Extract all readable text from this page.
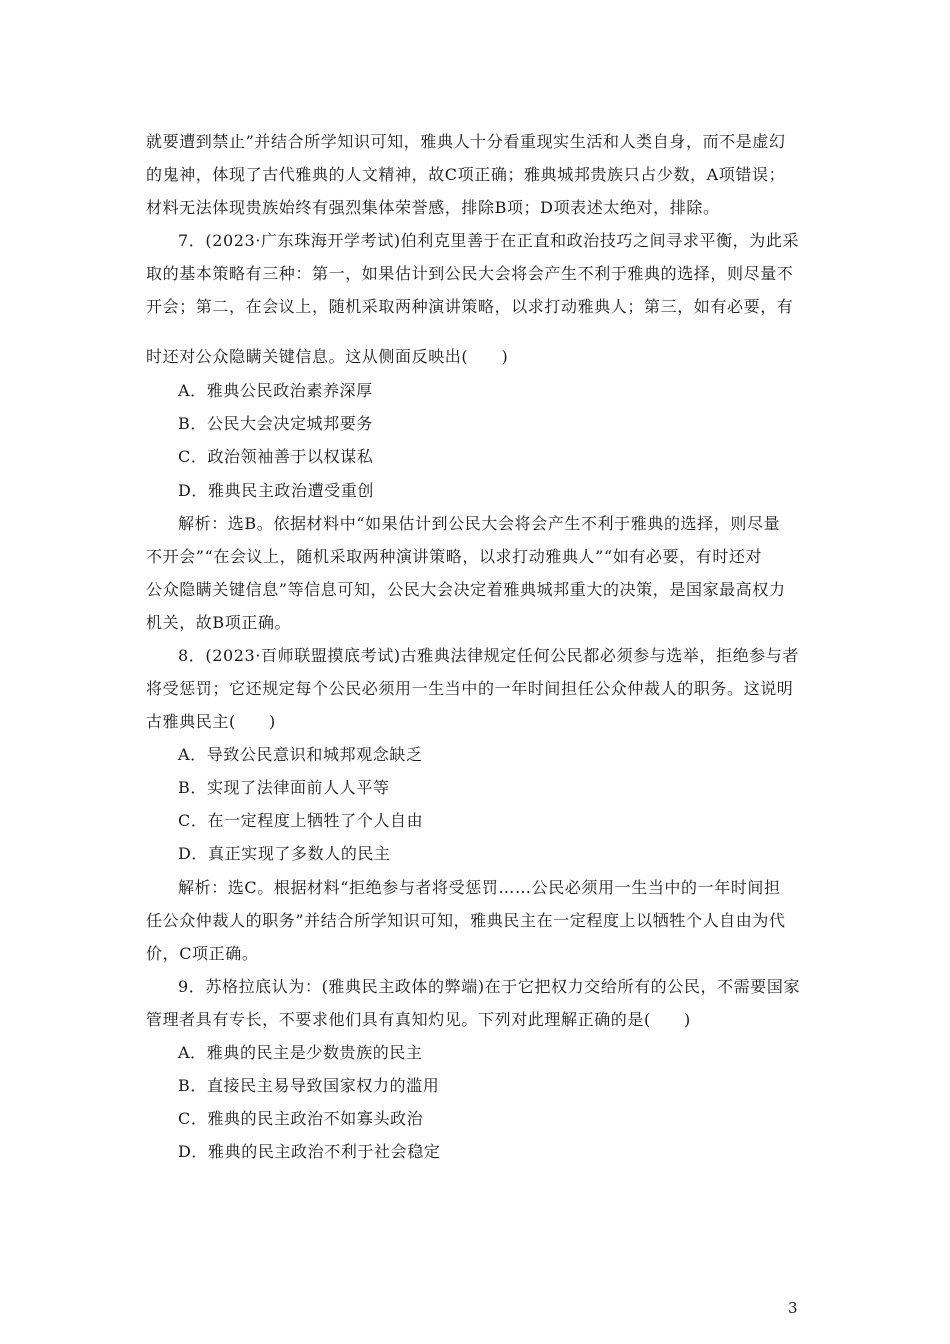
就要遭到禁止”并结合所学知识可知，雅典人十分看重现实生活和人类自身，而不是虚幻
的鬼神，体现了古代雅典的人文精神，故C项正确；雅典城邦贵族只占少数，A项错误；
材料无法体现贵族始终有强烈集体荣誉感，排除B项；D项表述太绝对，排除。
7．(2023·广东珠海开学考试)伯利克里善于在正直和政治技巧之间寻求平衡，为此采
取的基本策略有三种：第一，如果估计到公民大会将会产生不利于雅典的选择，则尽量不
开会；第二，在会议上，随机采取两种演讲策略，以求打动雅典人；第三，如有必要，有
时还对公众隐瞒关键信息。这从侧面反映出(　　)
A．雅典公民政治素养深厚
B．公民大会决定城邦要务
C．政治领袖善于以权谋私
D．雅典民主政治遭受重创
解析：选B。依据材料中“如果估计到公民大会将会产生不利于雅典的选择，则尽量
不开会”“在会议上，随机采取两种演讲策略，以求打动雅典人”“如有必要，有时还对
公众隐瞒关键信息”等信息可知，公民大会决定着雅典城邦重大的决策，是国家最高权力
机关，故B项正确。
8．(2023·百师联盟摸底考试)古雅典法律规定任何公民都必须参与选举，拒绝参与者
将受惩罚；它还规定每个公民必须用一生当中的一年时间担任公众仲裁人的职务。这说明
古雅典民主(　　)
A．导致公民意识和城邦观念缺乏
B．实现了法律面前人人平等
C．在一定程度上牺牲了个人自由
D．真正实现了多数人的民主
解析：选C。根据材料“拒绝参与者将受惩罚……公民必须用一生当中的一年时间担
任公众仲裁人的职务”并结合所学知识可知，雅典民主在一定程度上以牺牲个人自由为代
价，C项正确。
9．苏格拉底认为：(雅典民主政体的弊端)在于它把权力交给所有的公民，不需要国家
管理者具有专长，不要求他们具有真知灼见。下列对此理解正确的是(　　)
A．雅典的民主是少数贵族的民主
B．直接民主易导致国家权力的滥用
C．雅典的民主政治不如寡头政治
D．雅典的民主政治不利于社会稳定
3
